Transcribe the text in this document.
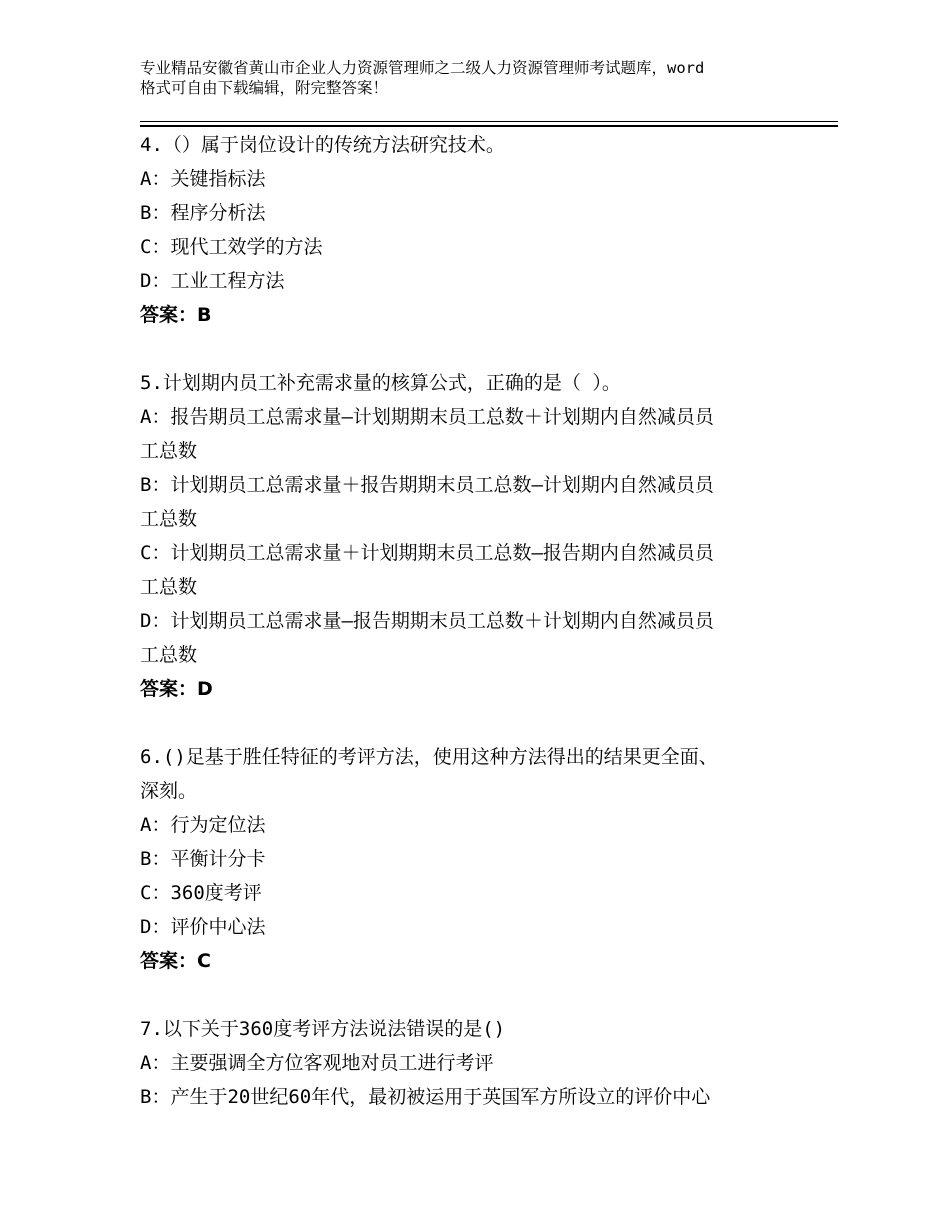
专业精品安徽省黄山市企业人力资源管理师之二级人力资源管理师考试题库，word
格式可自由下载编辑，附完整答案！
4.（）属于岗位设计的传统方法研究技术。
A：关键指标法
B：程序分析法
C：现代工效学的方法
D：工业工程方法
答案：B
5.计划期内员工补充需求量的核算公式，正确的是（ ）。
A：报告期员工总需求量—计划期期末员工总数＋计划期内自然减员员
工总数
B：计划期员工总需求量＋报告期期末员工总数—计划期内自然减员员
工总数
C：计划期员工总需求量＋计划期期末员工总数—报告期内自然减员员
工总数
D：计划期员工总需求量—报告期期末员工总数＋计划期内自然减员员
工总数
答案：D
6.()足基于胜任特征的考评方法，使用这种方法得出的结果更全面、
深刻。
A：行为定位法
B：平衡计分卡
C：360度考评
D：评价中心法
答案：C
7.以下关于360度考评方法说法错误的是()
A：主要强调全方位客观地对员工进行考评
B：产生于20世纪60年代，最初被运用于英国军方所设立的评价中心
